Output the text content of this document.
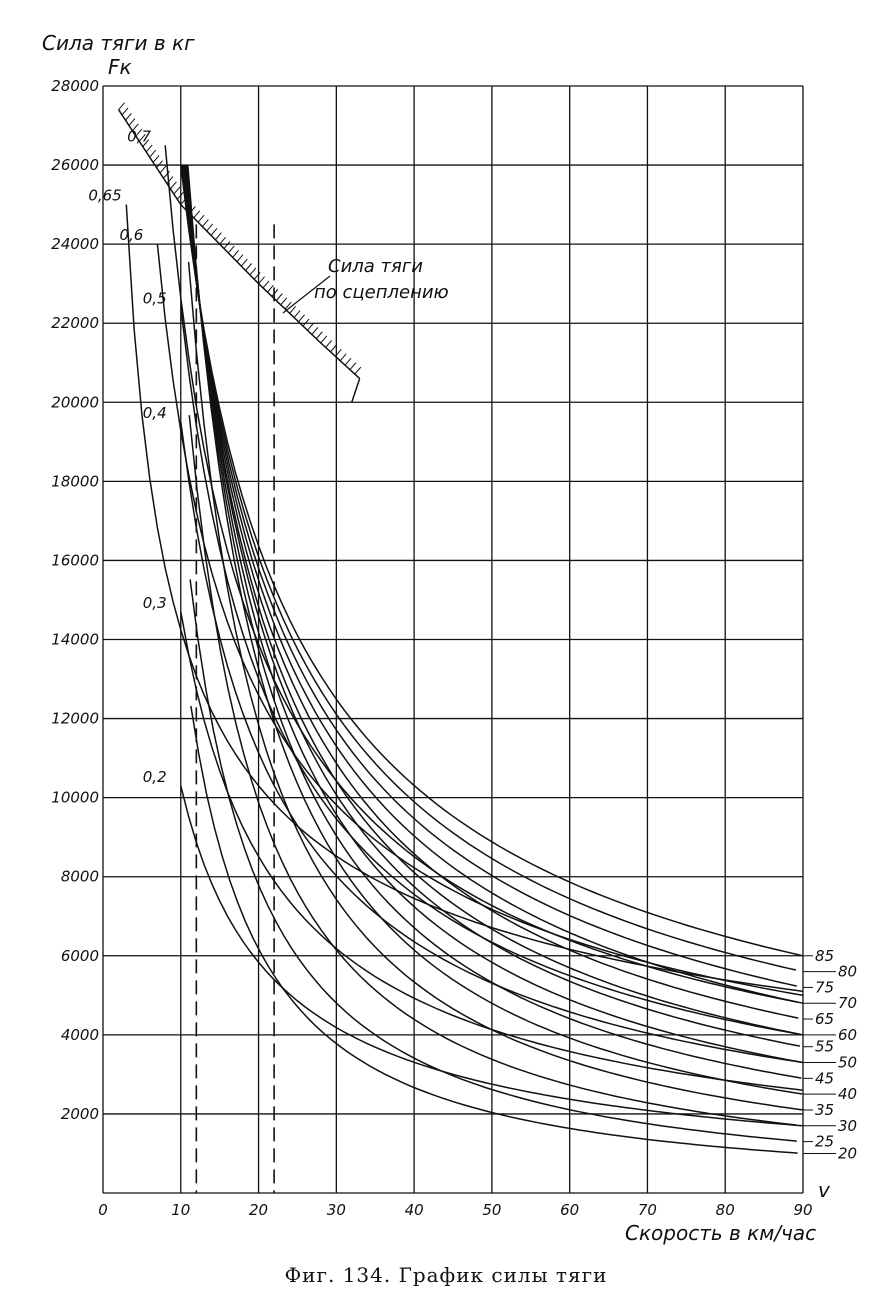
0	10	20	30	40	50	60	70	80	90
2000
4000
6000
8000
10000
12000
14000
16000
18000
20000
22000
24000
26000
28000
85
80
75
70
65
60
55
50
45
40
35
30
25
20
0,7
0,65
0,6
0,5
0,4
0,3
0,2
Сила тяги в кг
Fк
Скорость в км/час
v
Сила тяги
по сцеплению
Фиг. 134. График силы тяги
